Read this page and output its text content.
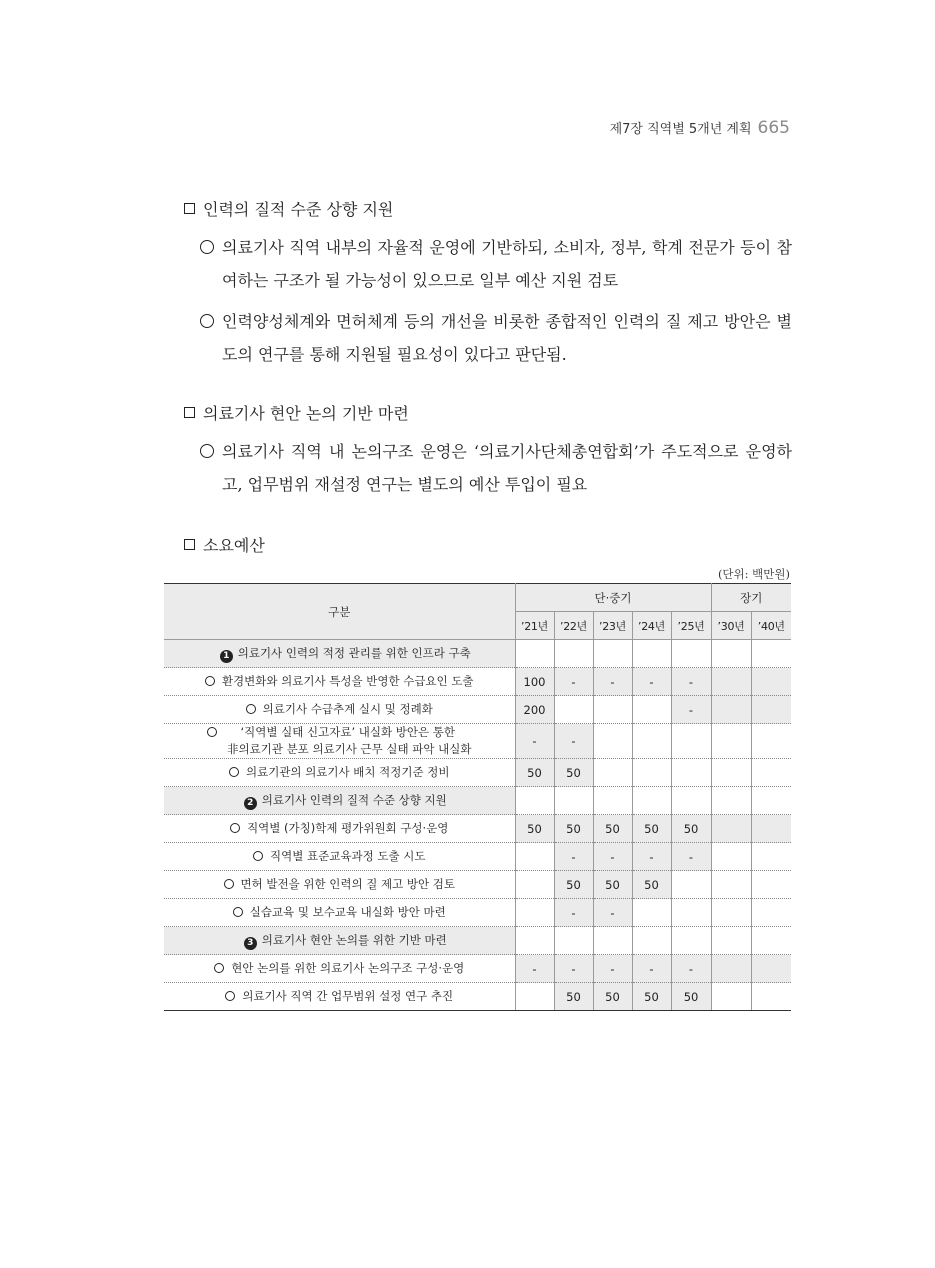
제7장 직역별 5개년 계획 665
인력의 질적 수준 상향 지원
의료기사 직역 내부의 자율적 운영에 기반하되, 소비자, 정부, 학계 전문가 등이 참여하는 구조가 될 가능성이 있으므로 일부 예산 지원 검토
인력양성체계와 면허체계 등의 개선을 비롯한 종합적인 인력의 질 제고 방안은 별도의 연구를 통해 지원될 필요성이 있다고 판단됨.
의료기사 현안 논의 기반 마련
의료기사 직역 내 논의구조 운영은 ‘의료기사단체총연합회’가 주도적으로 운영하고, 업무범위 재설정 연구는 별도의 예산 투입이 필요
소요예산
(단위: 백만원)
구분	단·중기					장기	
	’21년	’22년	’23년	’24년	’25년	’30년	’40년
1 의료기사 인력의 적정 관리를 위한 인프라 구축							
환경변화와 의료기사 특성을 반영한 수급요인 도출	100	-	-	-	-		
의료기사 수급추계 실시 및 정례화	200				-		

‘직역별 실태 신고자료’ 내실화 방안은 통한
非의료기관 분포 의료기사 근무 실태 파악 내실화	-	-					
의료기관의 의료기사 배치 적정기준 정비	50	50					
2 의료기사 인력의 질적 수준 상향 지원							
직역별 (가칭)학제 평가위원회 구성·운영	50	50	50	50	50		
직역별 표준교육과정 도출 시도		-	-	-	-		
면허 발전을 위한 인력의 질 제고 방안 검토		50	50	50			
실습교육 및 보수교육 내실화 방안 마련		-	-				
3 의료기사 현안 논의를 위한 기반 마련							
현안 논의를 위한 의료기사 논의구조 구성·운영	-	-	-	-	-		
의료기사 직역 간 업무범위 설정 연구 추진		50	50	50	50		
